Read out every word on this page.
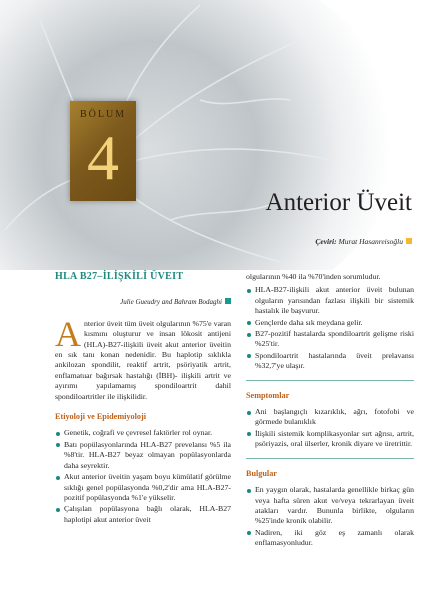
BÖLUM
4
Anterior Üveit
Çeviri: Murat Hasanreisoğlu
HLA B27–İLİŞKİLİ ÜVEIT
Julie Gueudry and Bahram Bodaghi

Anterior üveit tüm üveit olgularının %75'e varan kısmını oluşturur ve insan lökosit antijeni (HLA)-B27-ilişkili üveit akut anterior üveitin en sık tanı konan nedenidir. Bu haplotip sıklıkla ankilozan spondilit, reaktif artrit, psöriyatik artrit, enflamatuar bağırsak hastalığı (İBH)- ilişkili artrit ve ayırımı yapılamamış spondiloartrit dahil spondiloartritler ile ilişkilidir.

Etiyoloji ve Epidemiyoloji
Genetik, coğrafi ve çevresel faktörler rol oynar.
Batı popülasyonlarında HLA-B27 prevelansı %5 ila %8'tir. HLA-B27 beyaz olmayan popülasyonlarda daha seyrektir.
Akut anterior üveitin yaşam boyu kümülatif görülme sıklığı genel popülasyonda %0,2'dir ama HLA-B27-pozitif popülasyonda %1'e yükselir.
Çalışılan popülasyona bağlı olarak, HLA-B27 haplotipi akut anterior üveit

olgularının %40 ila %70'inden sorumludur.

HLA-B27-ilişkili akut anterior üveit bulunan olguların yarısından fazlası ilişkili bir sistemik hastalık ile başvurur.
Gençlerde daha sık meydana gelir.
B27-pozitif hastalarda spondiloartrit gelişme riski %25'tir.
Spondiloartrit hastalarında üveit prelavansı %32,7'ye ulaşır.
Semptomlar
Ani başlangıçlı kızarıklık, ağrı, fotofobi ve görmede bulanıklık
İlişkili sistemik komplikasyonlar sırt ağrısı, artrit, psöriyazis, oral ülserler, kronik diyare ve üretrittir.
Bulgular
En yaygın olarak, hastalarda genellikle birkaç gün veya hafta süren akut ve/veya tekrarlayan üveit atakları vardır. Bununla birlikte, olguların %25'inde kronik olabilir.
Nadiren, iki göz eş zamanlı olarak enflamasyonludur.
